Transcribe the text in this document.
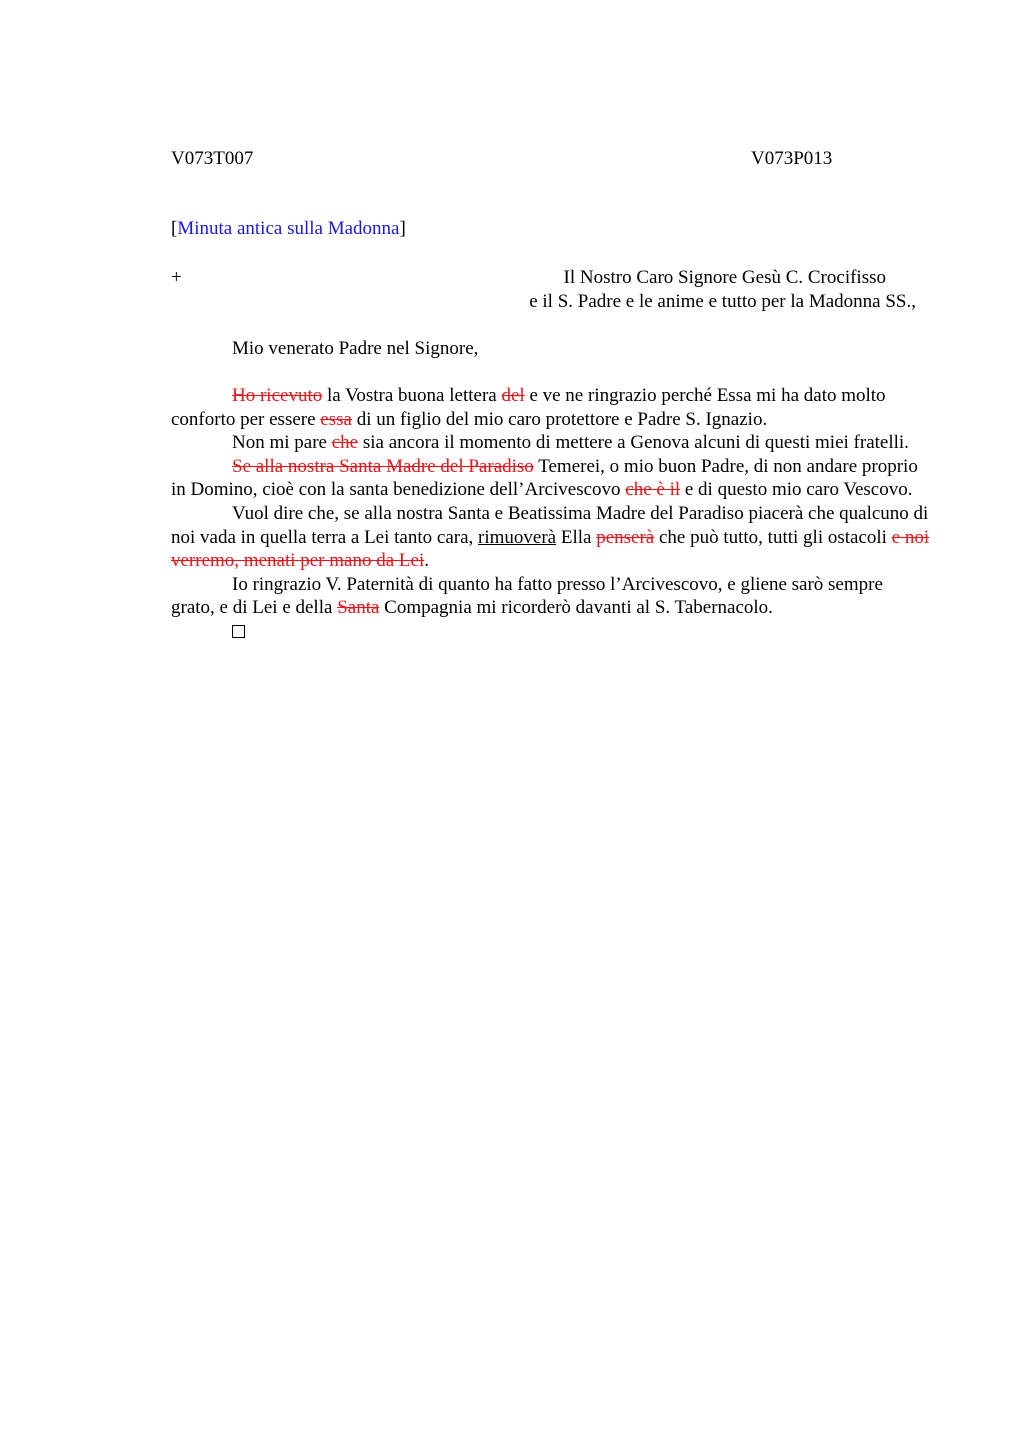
V073T007	V073P013
[Minuta antica sulla Madonna]
+	Il Nostro Caro Signore Gesù C. Crocifisso
e il S. Padre e le anime e tutto per la Madonna SS.,
Mio venerato Padre nel Signore,

Ho ricevuto la Vostra buona lettera del e ve ne ringrazio perché Essa mi ha dato molto conforto per essere essa di un figlio del mio caro protettore e Padre S. Ignazio.

Non mi pare che sia ancora il momento di mettere a Genova alcuni di questi miei fratelli.

Se alla nostra Santa Madre del Paradiso Temerei, o mio buon Padre, di non andare proprio in Domino, cioè con la santa benedizione dell’Arcivescovo che è il e di questo mio caro Vescovo.

Vuol dire che, se alla nostra Santa e Beatissima Madre del Paradiso piacerà che qualcuno di noi vada in quella terra a Lei tanto cara, rimuoverà Ella penserà che può tutto, tutti gli ostacoli e noi verremo, menati per mano da Lei.

Io ringrazio V. Paternità di quanto ha fatto presso l’Arcivescovo, e gliene sarò sempre grato, e di Lei e della Santa Compagnia mi ricorderò davanti al S. Tabernacolo.
